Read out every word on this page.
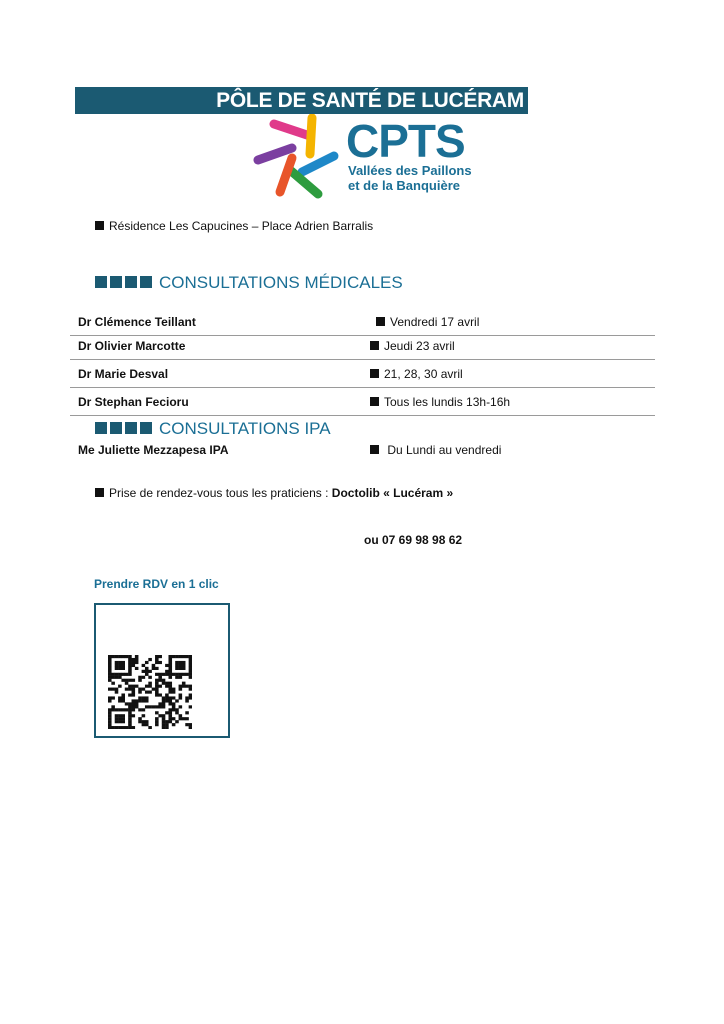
PÔLE DE SANTÉ DE LUCÉRAM
CPTS
Vallées des Paillons
et de la Banquière
Résidence Les Capucines – Place Adrien Barralis
CONSULTATIONS MÉDICALES
Dr Clémence Teillant	Vendredi 17 avril
Dr Olivier Marcotte	Jeudi 23 avril
Dr Marie Desval	21, 28, 30 avril
Dr Stephan Fecioru	Tous les lundis 13h-16h
CONSULTATIONS IPA
Me Juliette Mezzapesa IPA	Du Lundi au vendredi
Prise de rendez-vous tous les praticiens : Doctolib « Lucéram »
ou 07 69 98 98 62
Prendre RDV en 1 clic
